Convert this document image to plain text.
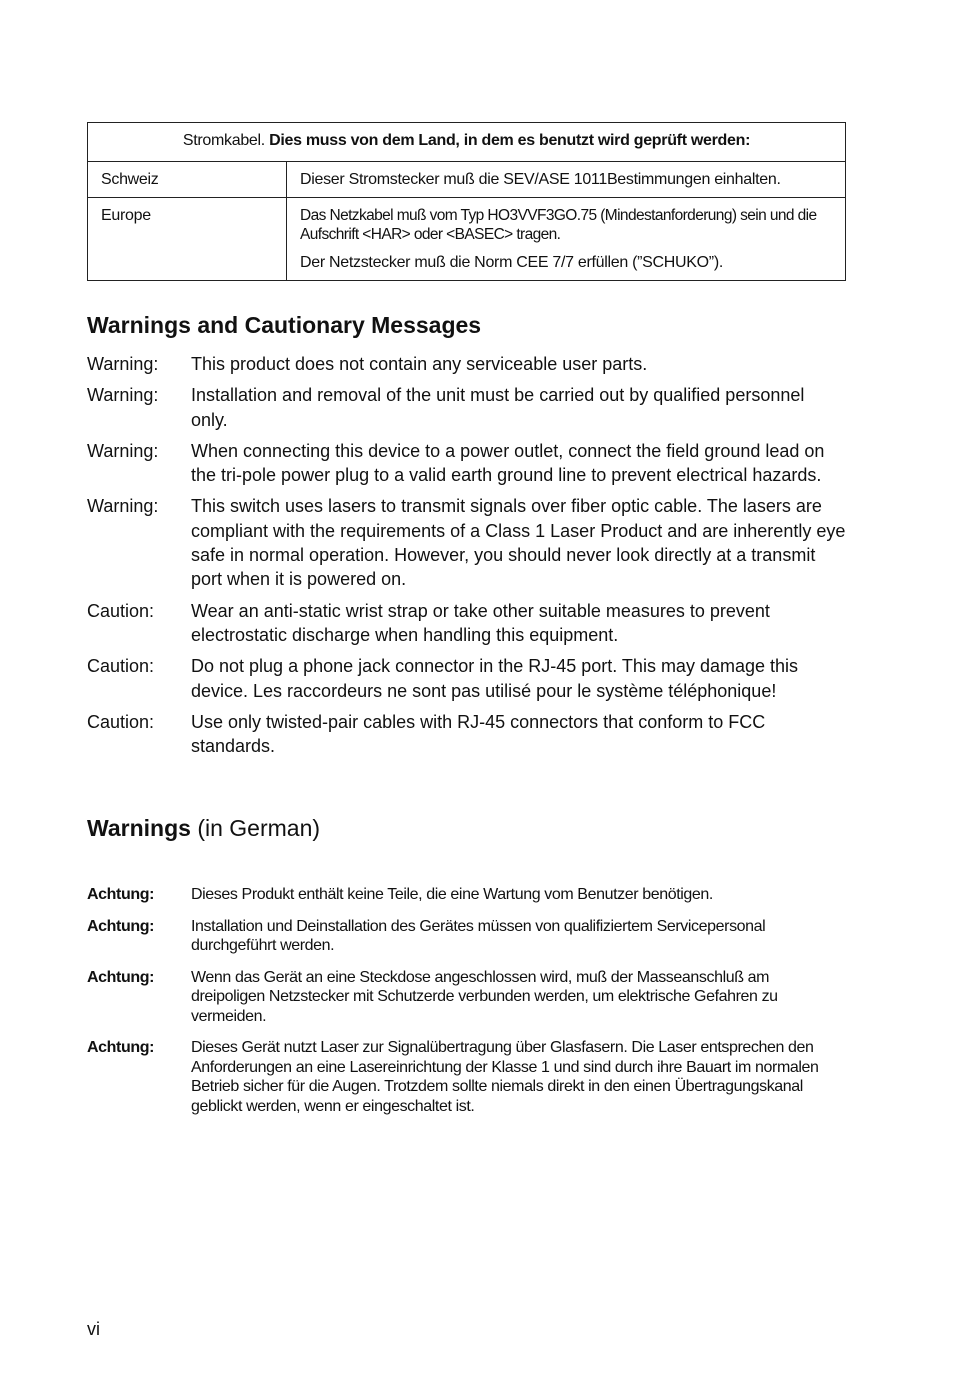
Stromkabel. Dies muss von dem Land, in dem es benutzt wird geprüft werden:	
Schweiz	Dieser Stromstecker muß die SEV/ASE 1011Bestimmungen einhalten.

Europe	Das Netzkabel muß vom Typ HO3VVF3GO.75 (Mindestanforderung) sein und die Aufschrift <HAR> oder <BASEC> tragen.
Der Netzstecker muß die Norm CEE 7/7 erfüllen (”SCHUKO”).
Warnings and Cautionary Messages
Warning:	This product does not contain any serviceable user parts.
Warning:	Installation and removal of the unit must be carried out by qualified personnel only.
Warning:	When connecting this device to a power outlet, connect the field ground lead on the tri-pole power plug to a valid earth ground line to prevent electrical hazards.
Warning:	This switch uses lasers to transmit signals over fiber optic cable. The lasers are compliant with the requirements of a Class 1 Laser Product and are inherently eye safe in normal operation. However, you should never look directly at a transmit port when it is powered on.
Caution:	Wear an anti-static wrist strap or take other suitable measures to prevent electrostatic discharge when handling this equipment.
Caution:	Do not plug a phone jack connector in the RJ-45 port. This may damage this device. Les raccordeurs ne sont pas utilisé pour le système téléphonique!
Caution:	Use only twisted-pair cables with RJ-45 connectors that conform to FCC standards.
Warnings (in German)
Achtung:	Dieses Produkt enthält keine Teile, die eine Wartung vom Benutzer benötigen.
Achtung:	Installation und Deinstallation des Gerätes müssen von qualifiziertem Servicepersonal durchgeführt werden.
Achtung:	Wenn das Gerät an eine Steckdose angeschlossen wird, muß der Masseanschluß am dreipoligen Netzstecker mit Schutzerde verbunden werden, um elektrische Gefahren zu vermeiden.
Achtung:	Dieses Gerät nutzt Laser zur Signalübertragung über Glasfasern. Die Laser entsprechen den Anforderungen an eine Lasereinrichtung der Klasse 1 und sind durch ihre Bauart im normalen Betrieb sicher für die Augen. Trotzdem sollte niemals direkt in den einen Übertragungskanal geblickt werden, wenn er eingeschaltet ist.
vi
